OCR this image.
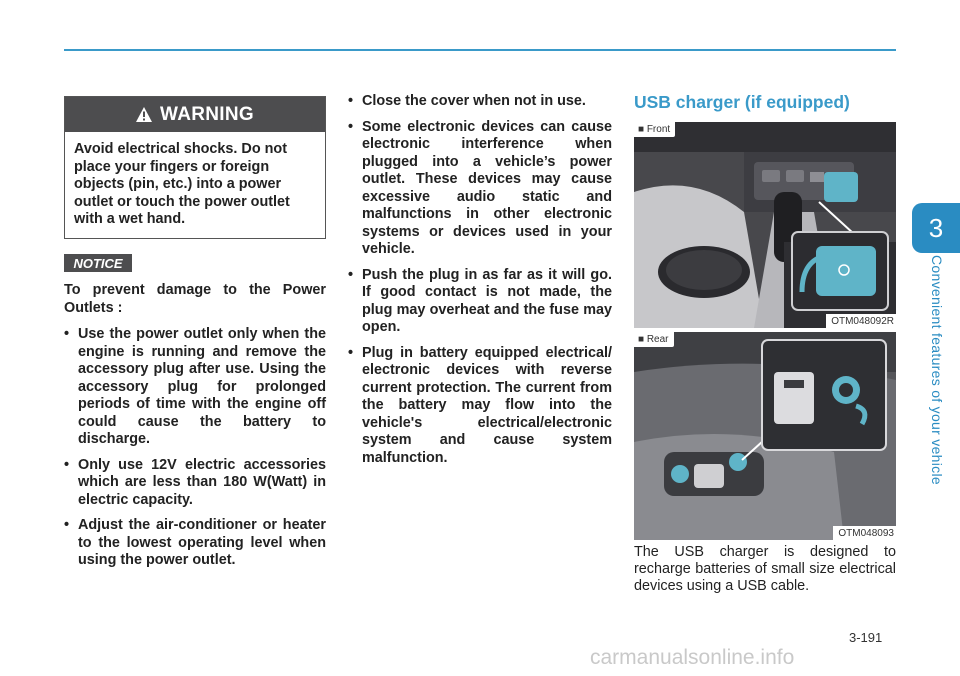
3
Convenient features of your vehicle
WARNING
Avoid electrical shocks. Do not place your fingers or foreign objects (pin, etc.) into a power outlet or touch the power outlet with a wet hand.
NOTICE

To prevent damage to the Power Outlets :

• Use the power outlet only when the engine is running and remove the accessory plug after use. Using the accessory plug for prolonged periods of time with the engine off could cause the battery to discharge.
• Only use 12V electric accessories which are less than 180 W(Watt) in electric capacity.
• Adjust the air-conditioner or heater to the lowest operating level when using the power outlet.
• Close the cover when not in use.
• Some electronic devices can cause electronic interference when plugged into a vehicle’s power outlet. These devices may cause excessive audio static and malfunctions in other electronic systems or devices used in your vehicle.
• Push the plug in as far as it will go. If good contact is not made, the plug may overheat and the fuse may open.
• Plug in battery equipped electrical/ electronic devices with reverse current protection. The current from the battery may flow into the vehicle's electrical/electronic system and cause system malfunction.
USB charger (if equipped)
■ Front
OTM048092R
■ Rear
OTM048093
The USB charger is designed to recharge batteries of small size electrical devices using a USB cable.
3-191
carmanualsonline.info
